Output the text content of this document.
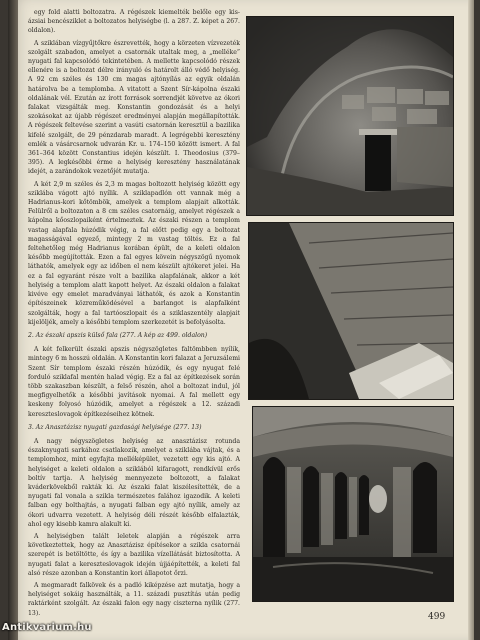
egy fold alatti boltozatra. A régészek kiemelték belőle egy kis-ázsiai bencésziklet a boltozatos helyiségbe (l. a 287. Z. képet a 267. oldalon).

A sziklában vízgyűjtőkre észrevették, hogy a körzeten vízvezeték szolgált szabadon, amelyet a csatornák utaltak meg, a „melléke” nyugati fal kapcsolódó tekintetében. A mellette kapcsolódó részek ellenére is a boltozat délre irányuló és határolt álló védő helyiség. A 92 cm széles és 130 cm magas ajtónyílás az egyik oldalán határolva be a templomba. A vitatott a Szent Sír-kápolna északi oldalának vél. Ezután az írott források sorrendjét követve az ókori falakat vizsgálták meg. Konstantin gondozását és a helyi szokásokat az újabb régészet eredményei alapján megállapították. A régészek feltevése szerint a vasúti csatornán keresztül a bazilika kifelé szolgált, de 29 pénzdarab maradt. A legrégebbi keresztény emlék a vásárcsarnok udvarán Kr. u. 174–150 között ismert. A fal 361–364 között Constantius idején készült. I. Theodosius (379–395). A legkésőbbi érme a helyiség keresztény használatának idejét, a zarándokok vezetőjét mutatja.

A két 2,9 m széles és 2,3 m magas boltozott helyiség között egy sziklába vágott ajtó nyílik. A sziklapadlón ott vannak még a Hadrianus-kori kőtömbök, amelyek a templom alapjait alkották. Felülről a boltozaton a 8 cm széles csatornáig, amelyet régészek a kápolna kőoszlopaiként értelmeztek. Az északi részen a templom vastag alapfala húzódik végig, a fal előtt pedig egy a boltozat magasságával egyező, mintegy 2 m vastag töltés. Ez a fal feltehetőleg még Hadrianus korában épült, de a keleti oldalon később megújították. Ezen a fal egyes kövein négyszögű nyomok láthatók, amelyek egy az időben el nem készült ajtókeret jelei. Ha ez a fal egyaránt része volt a bazilika alapfalának, akkor a két helyiség a templom alatt kapott helyet. Az északi oldalon a falakat kivéve egy emelet maradványai láthatók, és azok a Konstantin építészeinek közreműködésével a barlangot is alapfalként szolgálták, hogy a fal tartóoszlopait és a sziklaszentély alapjait kijelöljék, amely a későbbi templom szerkezetét is befolyásolta.

2. Az északi apszis külső fala (277. A kép az 499. oldalon)

A két felkerült északi apszis négyszögletes faltömbben nyílik, mintegy 6 m hosszú oldalán. A Konstantin kori falazat a Jeruzsálemi Szent Sír templom északi részén húzódik, és egy nyugat felé forduló sziklafal mentén halad végig. Ez a fal az építkezések során több szakaszban készült, a felső részén, ahol a boltozat indul, jól megfigyelhetők a későbbi javítások nyomai. A fal mellett egy keskeny folyosó húzódik, amelyet a régészek a 12. századi kereszteslovagok építkezéseihez kötnek.

3. Az Anasztázisz nyugati gazdasági helyisége (277. 13)

A nagy négyszögletes helyiség az anasztázisz rotunda északnyugati sarkához csatlakozik, amelyet a sziklába vájtak, és a templomhoz, mint egyfajta melléképület, vezetett egy kis ajtó. A helyiséget a keleti oldalon a sziklából kifaragott, rendkívül erős boltív tartja. A helyiség mennyezete boltozott, a falakat kváderkövekből rakták ki. Az északi falat kiszélesítették, de a nyugati fal vonala a szikla természetes falához igazodik. A keleti falban egy bolthajtás, a nyugati falban egy ajtó nyílik, amely az ókori udvarra vezetett. A helyiség déli részét később elfalazták, ahol egy kisebb kamra alakult ki.

A helyiségben talált leletek alapján a régészek arra következtettek, hogy az Anasztázisz építésekor a szikla csatornái szerepét is betöltötte, és így a bazilika vízellátását biztosította. A nyugati falat a kereszteslovagok idején újjáépítették, a keleti fal alsó része azonban a Konstantin kori állapotot őrzi.

A megmaradt falkövek és a padló kiképzése azt mutatja, hogy a helyiséget sokáig használták, a 11. századi pusztítás után pedig raktárként szolgált. Az északi falon egy nagy ciszterna nyílik (277. 13).	499
Antikvarium.hu
